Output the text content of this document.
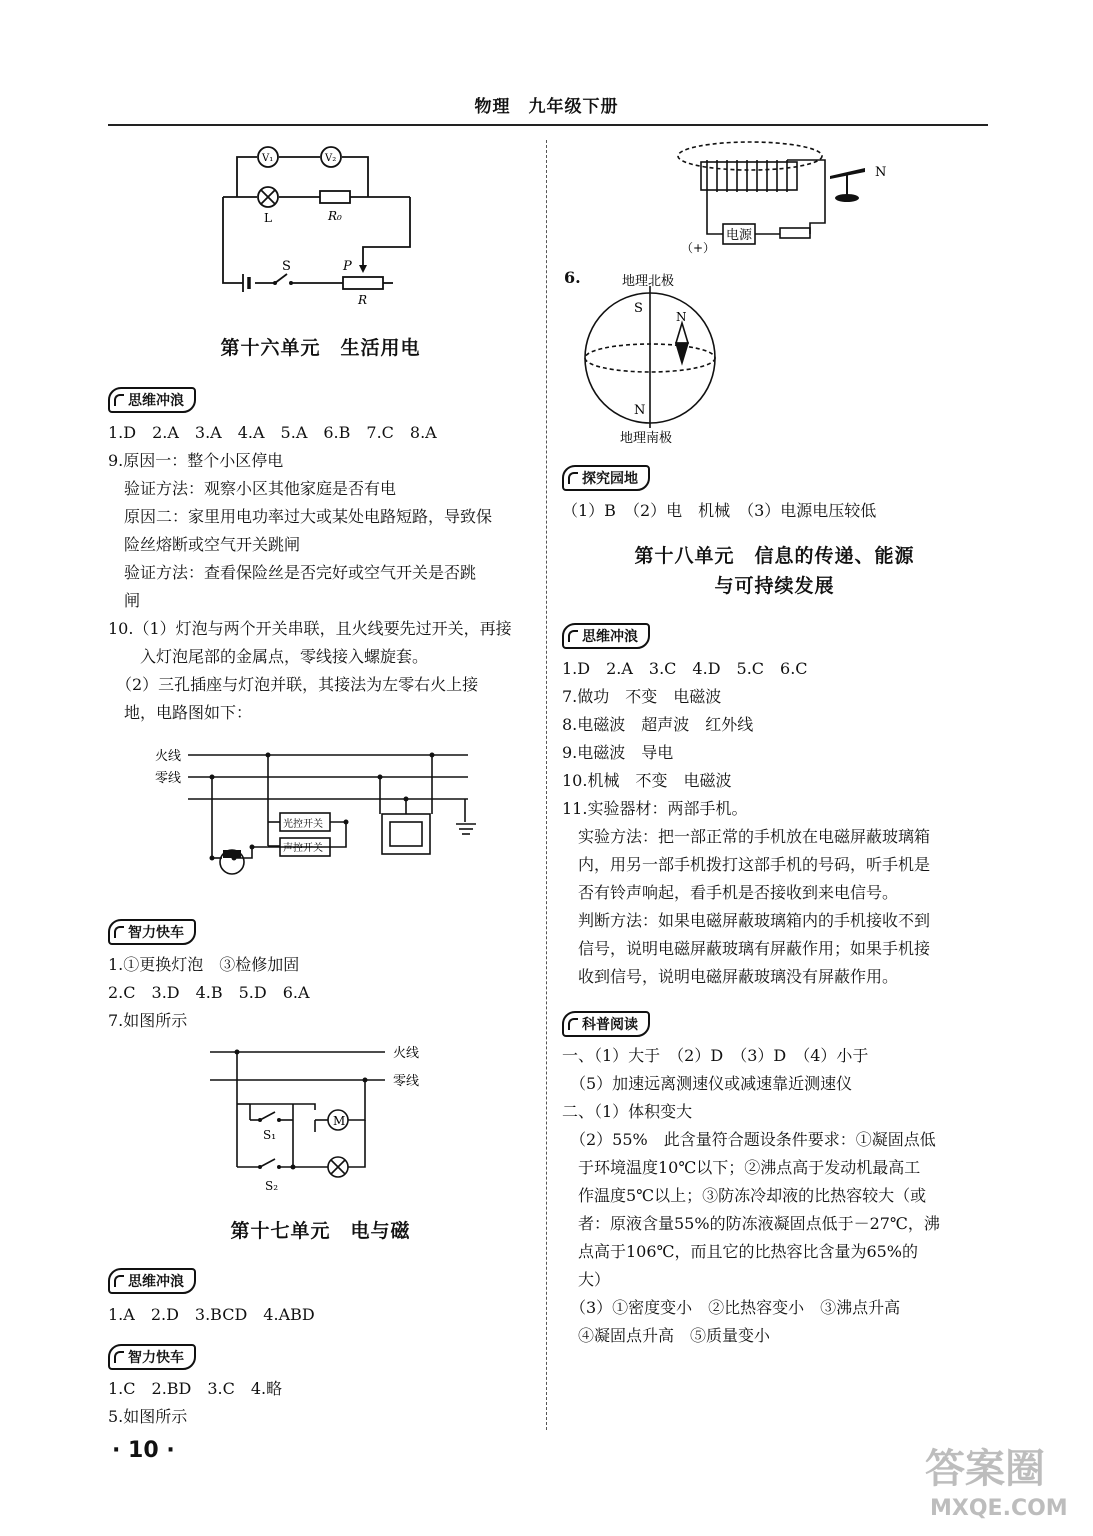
物理　九年级下册
V₁	V₂
L	R₀
S	P
R
第十六单元　生活用电
思维冲浪
1.D　2.A　3.A　4.A　5.A　6.B　7.C　8.A
9.原因一：整个小区停电
　验证方法：观察小区其他家庭是否有电
　原因二：家里用电功率过大或某处电路短路，导致保
　险丝熔断或空气开关跳闸
　验证方法：查看保险丝是否完好或空气开关是否跳
　闸
10.（1）灯泡与两个开关串联，且火线要先过开关，再接
　　入灯泡尾部的金属点，零线接入螺旋套。
　（2）三孔插座与灯泡并联，其接法为左零右火上接
　地，电路图如下：
火线
零线
光控开关
声控开关
智力快车
1.①更换灯泡　③检修加固
2.C　3.D　4.B　5.D　6.A
7.如图所示
火线
零线
M
S₁
S₂
第十七单元　电与磁
思维冲浪
1.A　2.D　3.BCD　4.ABD
智力快车
1.C　2.BD　3.C　4.略
5.如图所示
· 10 ·
N
电源
（+）
6.	地理北极
S
N
N
地理南极
探究园地
（1）B　（2）电　机械　（3）电源电压较低
第十八单元　信息的传递、能源
与可持续发展
思维冲浪
1.D　2.A　3.C　4.D　5.C　6.C
7.做功　不变　电磁波
8.电磁波　超声波　红外线
9.电磁波　导电
10.机械　不变　电磁波
11.实验器材：两部手机。
　实验方法：把一部正常的手机放在电磁屏蔽玻璃箱
　内，用另一部手机拨打这部手机的号码，听手机是
　否有铃声响起，看手机是否接收到来电信号。
　判断方法：如果电磁屏蔽玻璃箱内的手机接收不到
　信号，说明电磁屏蔽玻璃有屏蔽作用；如果手机接
　收到信号，说明电磁屏蔽玻璃没有屏蔽作用。
科普阅读
一、（1）大于　（2）D　（3）D　（4）小于
　（5）加速远离测速仪或减速靠近测速仪
二、（1）体积变大
　（2）55%　此含量符合题设条件要求：①凝固点低
　于环境温度10℃以下；②沸点高于发动机最高工
　作温度5℃以上；③防冻冷却液的比热容较大（或
　者：原液含量55%的防冻液凝固点低于－27℃，沸
　点高于106℃，而且它的比热容比含量为65%的
　大）
　（3）①密度变小　②比热容变小　③沸点升高
　④凝固点升高　⑤质量变小
答案圈
MXQE.COM
